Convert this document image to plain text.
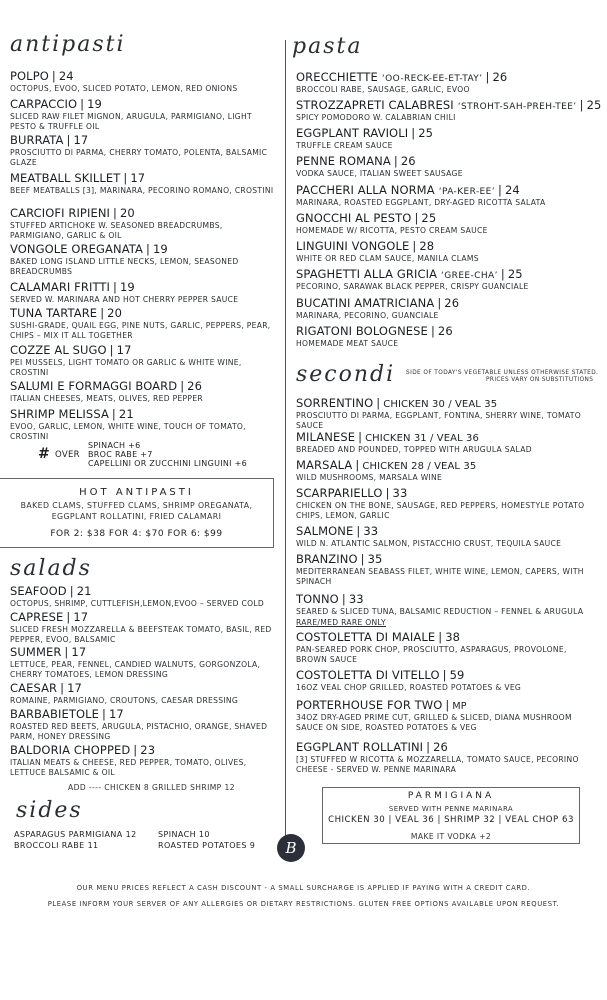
antipasti
POLPO | 24
OCTOPUS, EVOO, SLICED POTATO, LEMON, RED ONIONS
CARPACCIO | 19
SLICED RAW FILET MIGNON, ARUGULA, PARMIGIANO, LIGHT PESTO & TRUFFLE OIL
BURRATA | 17
PROSCIUTTO DI PARMA, CHERRY TOMATO, POLENTA, BALSAMIC GLAZE
MEATBALL SKILLET | 17
BEEF MEATBALLS [3], MARINARA, PECORINO ROMANO, CROSTINI
CARCIOFI RIPIENI | 20
STUFFED ARTICHOKE W. SEASONED BREADCRUMBS, PARMIGIANO, GARLIC & OIL
VONGOLE OREGANATA | 19
BAKED LONG ISLAND LITTLE NECKS, LEMON, SEASONED BREADCRUMBS
CALAMARI FRITTI | 19
SERVED W. MARINARA AND HOT CHERRY PEPPER SAUCE
TUNA TARTARE | 20
SUSHI-GRADE, QUAIL EGG, PINE NUTS, GARLIC, PEPPERS, PEAR, CHIPS – MIX IT ALL TOGETHER
COZZE AL SUGO | 17
PEI MUSSELS, LIGHT TOMATO OR GARLIC & WHITE WINE, CROSTINI
SALUMI E FORMAGGI BOARD | 26
ITALIAN CHEESES, MEATS, OLIVES, RED PEPPER
SHRIMP MELISSA | 21
EVOO, GARLIC, LEMON, WHITE WINE, TOUCH OF TOMATO, CROSTINI
# OVER
SPINACH +6
BROC RABE +7
CAPELLINI OR ZUCCHINI LINGUINI +6
HOT ANTIPASTI
BAKED CLAMS, STUFFED CLAMS, SHRIMP OREGANATA,
EGGPLANT ROLLATINI, FRIED CALAMARI
FOR 2: $38 FOR 4: $70 FOR 6: $99
salads
SEAFOOD | 21
OCTOPUS, SHRIMP, CUTTLEFISH,LEMON,EVOO – SERVED COLD
CAPRESE | 17
SLICED FRESH MOZZARELLA & BEEFSTEAK TOMATO, BASIL, RED PEPPER, EVOO, BALSAMIC
SUMMER | 17
LETTUCE, PEAR, FENNEL, CANDIED WALNUTS, GORGONZOLA, CHERRY TOMATOES, LEMON DRESSING
CAESAR | 17
ROMAINE, PARMIGIANO, CROUTONS, CAESAR DRESSING
BARBABIETOLE | 17
ROASTED RED BEETS, ARUGULA, PISTACHIO, ORANGE, SHAVED PARM, HONEY DRESSING
BALDORIA CHOPPED | 23
ITALIAN MEATS & CHEESE, RED PEPPER, TOMATO, OLIVES, LETTUCE BALSAMIC & OIL
ADD ---- CHICKEN 8 GRILLED SHRIMP 12
sides
ASPARAGUS PARMIGIANA 12
BROCCOLI RABE 11
SPINACH 10
ROASTED POTATOES 9
pasta
ORECCHIETTE ‘OO-RECK-EE-ET-TAY’ | 26
BROCCOLI RABE, SAUSAGE, GARLIC, EVOO
STROZZAPRETI CALABRESI ‘STROHT-SAH-PREH-TEE’ | 25
SPICY POMODORO W. CALABRIAN CHILI
EGGPLANT RAVIOLI | 25
TRUFFLE CREAM SAUCE
PENNE ROMANA | 26
VODKA SAUCE, ITALIAN SWEET SAUSAGE
PACCHERI ALLA NORMA ‘PA-KER-EE’ | 24
MARINARA, ROASTED EGGPLANT, DRY-AGED RICOTTA SALATA
GNOCCHI AL PESTO | 25
HOMEMADE W/ RICOTTA, PESTO CREAM SAUCE
LINGUINI VONGOLE | 28
WHITE OR RED CLAM SAUCE, MANILA CLAMS
SPAGHETTI ALLA GRICIA ‘GREE-CHA’ | 25
PECORINO, SARAWAK BLACK PEPPER, CRISPY GUANCIALE
BUCATINI AMATRICIANA | 26
MARINARA, PECORINO, GUANCIALE
RIGATONI BOLOGNESE | 26
HOMEMADE MEAT SAUCE
secondi SIDE OF TODAY'S VEGETABLE UNLESS OTHERWISE STATED.
PRICES VARY ON SUBSTITUTIONS
SORRENTINO | CHICKEN 30 / VEAL 35
PROSCIUTTO DI PARMA, EGGPLANT, FONTINA, SHERRY WINE, TOMATO SAUCE
MILANESE | CHICKEN 31 / VEAL 36
BREADED AND POUNDED, TOPPED WITH ARUGULA SALAD
MARSALA | CHICKEN 28 / VEAL 35
WILD MUSHROOMS, MARSALA WINE
SCARPARIELLO | 33
CHICKEN ON THE BONE, SAUSAGE, RED PEPPERS, HOMESTYLE POTATO CHIPS, LEMON, GARLIC
SALMONE | 33
WILD N. ATLANTIC SALMON, PISTACCHIO CRUST, TEQUILA SAUCE
BRANZINO | 35
MEDITERRANEAN SEABASS FILET, WHITE WINE, LEMON, CAPERS, WITH SPINACH
TONNO | 33
SEARED & SLICED TUNA, BALSAMIC REDUCTION – FENNEL & ARUGULA
RARE/MED RARE ONLY
COSTOLETTA DI MAIALE | 38
PAN-SEARED PORK CHOP, PROSCIUTTO, ASPARAGUS, PROVOLONE, BROWN SAUCE
COSTOLETTA DI VITELLO | 59
16OZ VEAL CHOP GRILLED, ROASTED POTATOES & VEG
PORTERHOUSE FOR TWO | MP
34OZ DRY-AGED PRIME CUT, GRILLED & SLICED, DIANA MUSHROOM SAUCE ON SIDE, ROASTED POTATOES & VEG
EGGPLANT ROLLATINI | 26
[3] STUFFED W RICOTTA & MOZZARELLA, TOMATO SAUCE, PECORINO CHEESE - SERVED W. PENNE MARINARA
PARMIGIANA
SERVED WITH PENNE MARINARA
CHICKEN 30 | VEAL 36 | SHRIMP 32 | VEAL CHOP 63
MAKE IT VODKA +2
B
OUR MENU PRICES REFLECT A CASH DISCOUNT - A SMALL SURCHARGE IS APPLIED IF PAYING WITH A CREDIT CARD.
PLEASE INFORM YOUR SERVER OF ANY ALLERGIES OR DIETARY RESTRICTIONS. GLUTEN FREE OPTIONS AVAILABLE UPON REQUEST.
